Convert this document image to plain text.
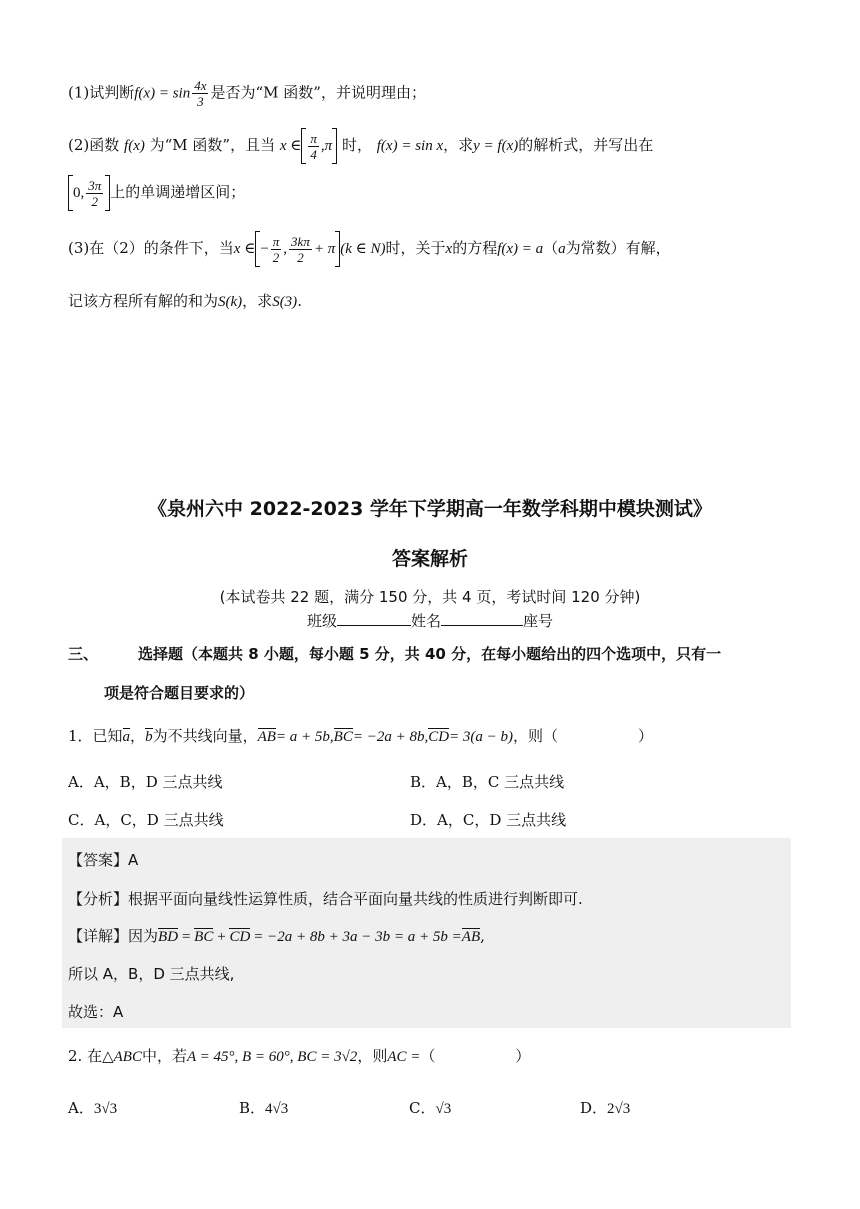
(1)试判断$f(x) = \sin \frac{4x}{3}$ 是否为“M 函数”，并说明理由；
(2)函数 f(x) 为“M 函数”，且当 x ∈ $\frac{\pi}{4} ,\pi$ 时， f(x) = sin x，求y = f(x)的解析式，并写出在
0, $\frac{3\pi}{2}$ 上的单调递增区间；
(3)在（2）的条件下，当x ∈ − $\frac{\pi}{2}$ , $\frac{3k\pi}{2} + \pi$ (k ∈ N)时，关于x的方程f(x) = a（a为常数）有解，
记该方程所有解的和为S(k)，求S(3).
《泉州六中 2022-2023 学年下学期高一年数学科期中模块测试》
答案解析
(本试卷共 22 题，满分 150 分，共 4 页，考试时间 120 分钟)
班级	姓名	座号
三、	选择题（本题共 8 小题，每小题 5 分，共 40 分，在每小题给出的四个选项中，只有一
项是符合题目要求的）
1．已知a，b为不共线向量，AB= a + 5b,BC= −2a + 8b,CD= 3(a − b)，则（	）
A．A，B，D 三点共线	B．A，B，C 三点共线
C．A，C，D 三点共线	D．A，C，D 三点共线
【答案】A
【分析】根据平面向量线性运算性质，结合平面向量共线的性质进行判断即可.
【详解】因为BD = BC + CD = −2a + 8b + 3a − 3b = a + 5b =AB,
所以 A，B，D 三点共线,
故选：A
2. 在△ABC中，若A = 45°, B = 60°, BC = 3√2，则AC =（	）
A．3√3	B．4√3	C．√3	D．2√3
